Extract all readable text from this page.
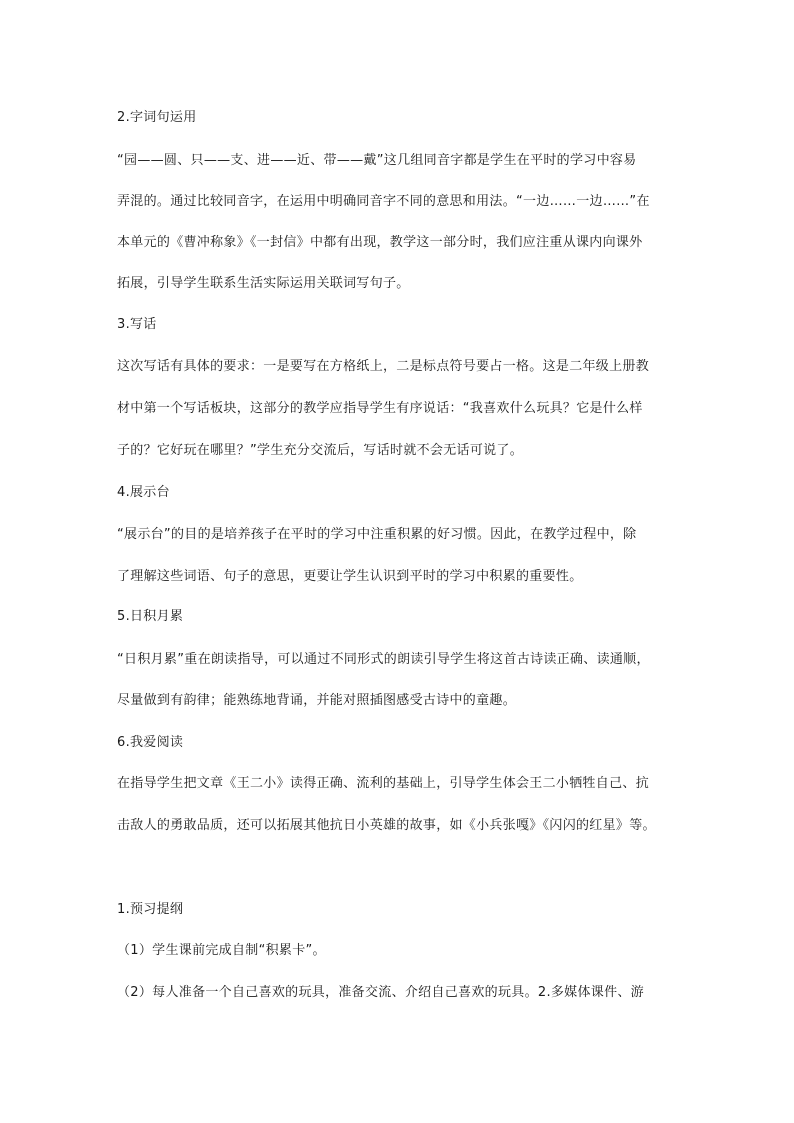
2.字词句运用
“园——圆、只——支、进——近、带——戴”这几组同音字都是学生在平时的学习中容易
弄混的。通过比较同音字，在运用中明确同音字不同的意思和用法。“一边……一边……”在
本单元的《曹冲称象》《一封信》中都有出现，教学这一部分时，我们应注重从课内向课外
拓展，引导学生联系生活实际运用关联词写句子。
3.写话
这次写话有具体的要求：一是要写在方格纸上，二是标点符号要占一格。这是二年级上册教
材中第一个写话板块，这部分的教学应指导学生有序说话：“我喜欢什么玩具？它是什么样
子的？它好玩在哪里？”学生充分交流后，写话时就不会无话可说了。
4.展示台
“展示台”的目的是培养孩子在平时的学习中注重积累的好习惯。因此，在教学过程中，除
了理解这些词语、句子的意思，更要让学生认识到平时的学习中积累的重要性。
5.日积月累
“日积月累”重在朗读指导，可以通过不同形式的朗读引导学生将这首古诗读正确、读通顺，
尽量做到有韵律；能熟练地背诵，并能对照插图感受古诗中的童趣。
6.我爱阅读
在指导学生把文章《王二小》读得正确、流利的基础上，引导学生体会王二小牺牲自己、抗
击敌人的勇敢品质，还可以拓展其他抗日小英雄的故事，如《小兵张嘎》《闪闪的红星》等。
1.预习提纲
（1）学生课前完成自制“积累卡”。
（2）每人准备一个自己喜欢的玩具，准备交流、介绍自己喜欢的玩具。2.多媒体课件、游
